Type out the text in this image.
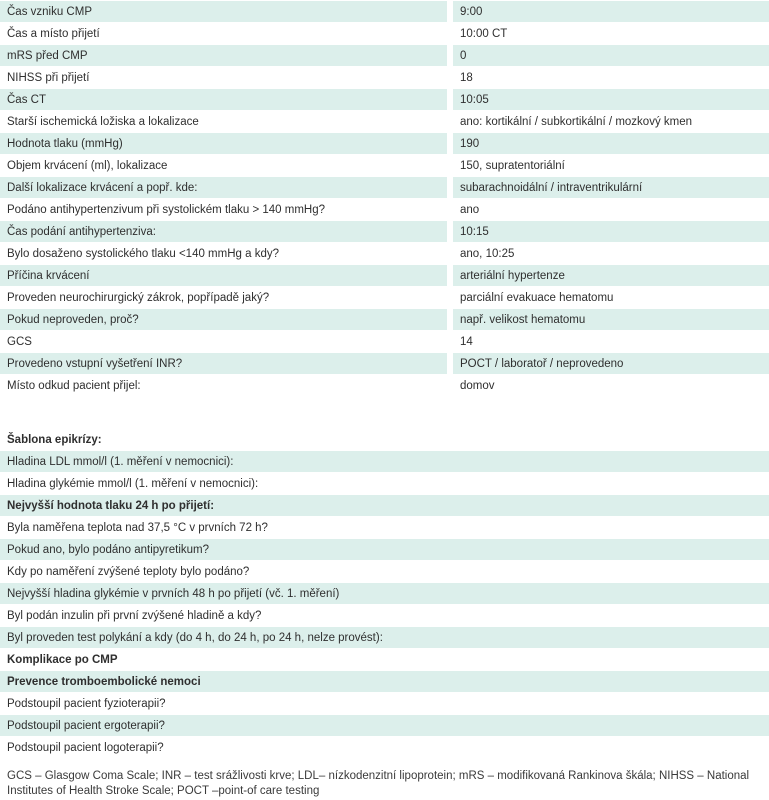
Čas vzniku CMP	9:00
Čas a místo přijetí	10:00 CT
mRS před CMP	0
NIHSS při přijetí	18
Čas CT	10:05
Starší ischemická ložiska a lokalizace	ano: kortikální / subkortikální / mozkový kmen
Hodnota tlaku (mmHg)	190
Objem krvácení (ml), lokalizace	150, supratentoriální
Další lokalizace krvácení a popř. kde:	subarachnoidální / intraventrikulární
Podáno antihypertenzivum při systolickém tlaku > 140 mmHg?	ano
Čas podání antihypertenziva:	10:15
Bylo dosaženo systolického tlaku <140 mmHg a kdy?	ano, 10:25
Příčina krvácení	arteriální hypertenze
Proveden neurochirurgický zákrok, popřípadě jaký?	parciální evakuace hematomu
Pokud neproveden, proč?	např. velikost hematomu
GCS	14
Provedeno vstupní vyšetření INR?	POCT / laboratoř / neprovedeno
Místo odkud pacient přijel:	domov
Šablona epikrízy:
Hladina LDL mmol/l (1. měření v nemocnici):
Hladina glykémie mmol/l (1. měření v nemocnici):
Nejvyšší hodnota tlaku 24 h po přijetí:
Byla naměřena teplota nad 37,5 °C v prvních 72 h?
Pokud ano, bylo podáno antipyretikum?
Kdy po naměření zvýšené teploty bylo podáno?
Nejvyšší hladina glykémie v prvních 48 h po přijetí (vč. 1. měření)
Byl podán inzulin při první zvýšené hladině a kdy?
Byl proveden test polykání a kdy (do 4 h, do 24 h, po 24 h, nelze provést):
Komplikace po CMP
Prevence tromboembolické nemoci
Podstoupil pacient fyzioterapii?
Podstoupil pacient ergoterapii?
Podstoupil pacient logoterapii?
GCS – Glasgow Coma Scale; INR – test srážlivosti krve; LDL– nízkodenzitní lipoprotein; mRS – modifikovaná Rankinova škála; NIHSS – National Institutes of Health Stroke Scale; POCT –point-of care testing
